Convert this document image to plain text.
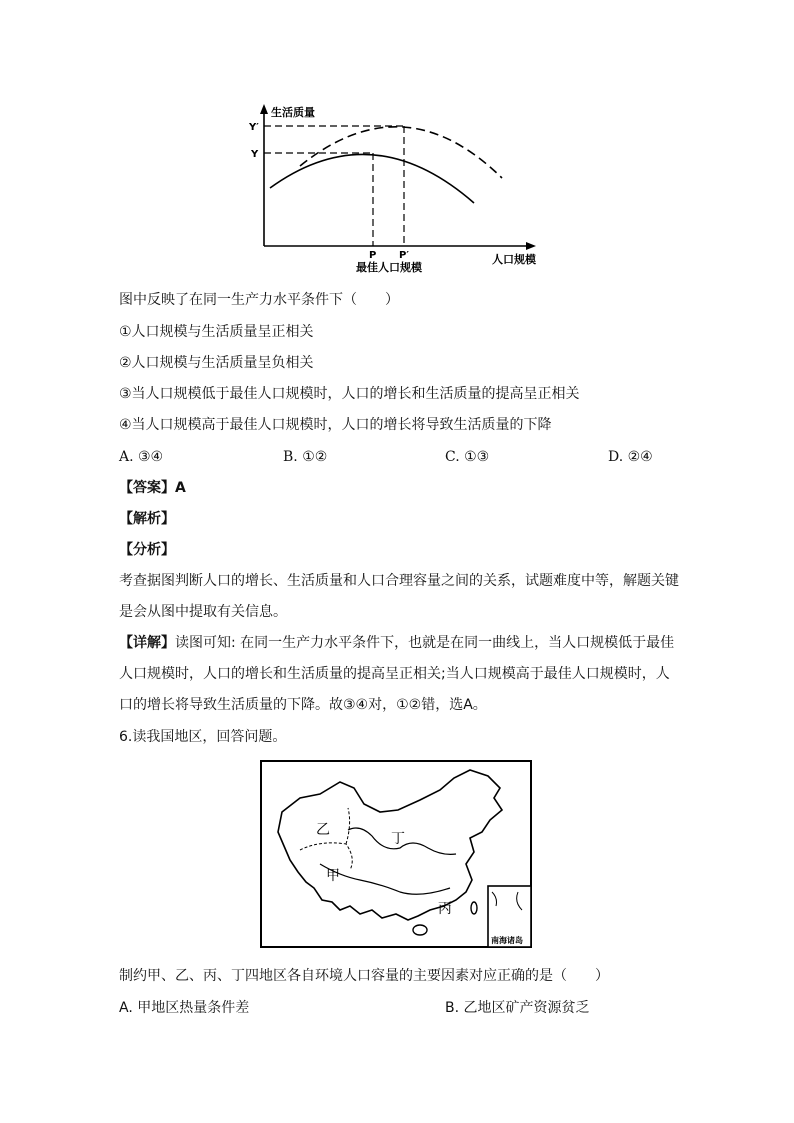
生活质量
Y′
Y
P P′
最佳人口规模
人口规模
图中反映了在同一生产力水平条件下（　　）
①人口规模与生活质量呈正相关
②人口规模与生活质量呈负相关
③当人口规模低于最佳人口规模时，人口的增长和生活质量的提高呈正相关
④当人口规模高于最佳人口规模时，人口的增长将导致生活质量的下降
A. ③④	B. ①②	C. ①③	D. ②④
【答案】A
【解析】
【分析】
考查据图判断人口的增长、生活质量和人口合理容量之间的关系，试题难度中等，解题关键
是会从图中提取有关信息。
【详解】读图可知: 在同一生产力水平条件下，也就是在同一曲线上，当人口规模低于最佳
人口规模时，人口的增长和生活质量的提高呈正相关;当人口规模高于最佳人口规模时，人
口的增长将导致生活质量的下降。故③④对，①②错，选A。
6.读我国地区，回答问题。
南海诸岛
乙
丁
甲
丙
制约甲、乙、丙、丁四地区各自环境人口容量的主要因素对应正确的是（　　）
A. 甲地区热量条件差	B. 乙地区矿产资源贫乏
